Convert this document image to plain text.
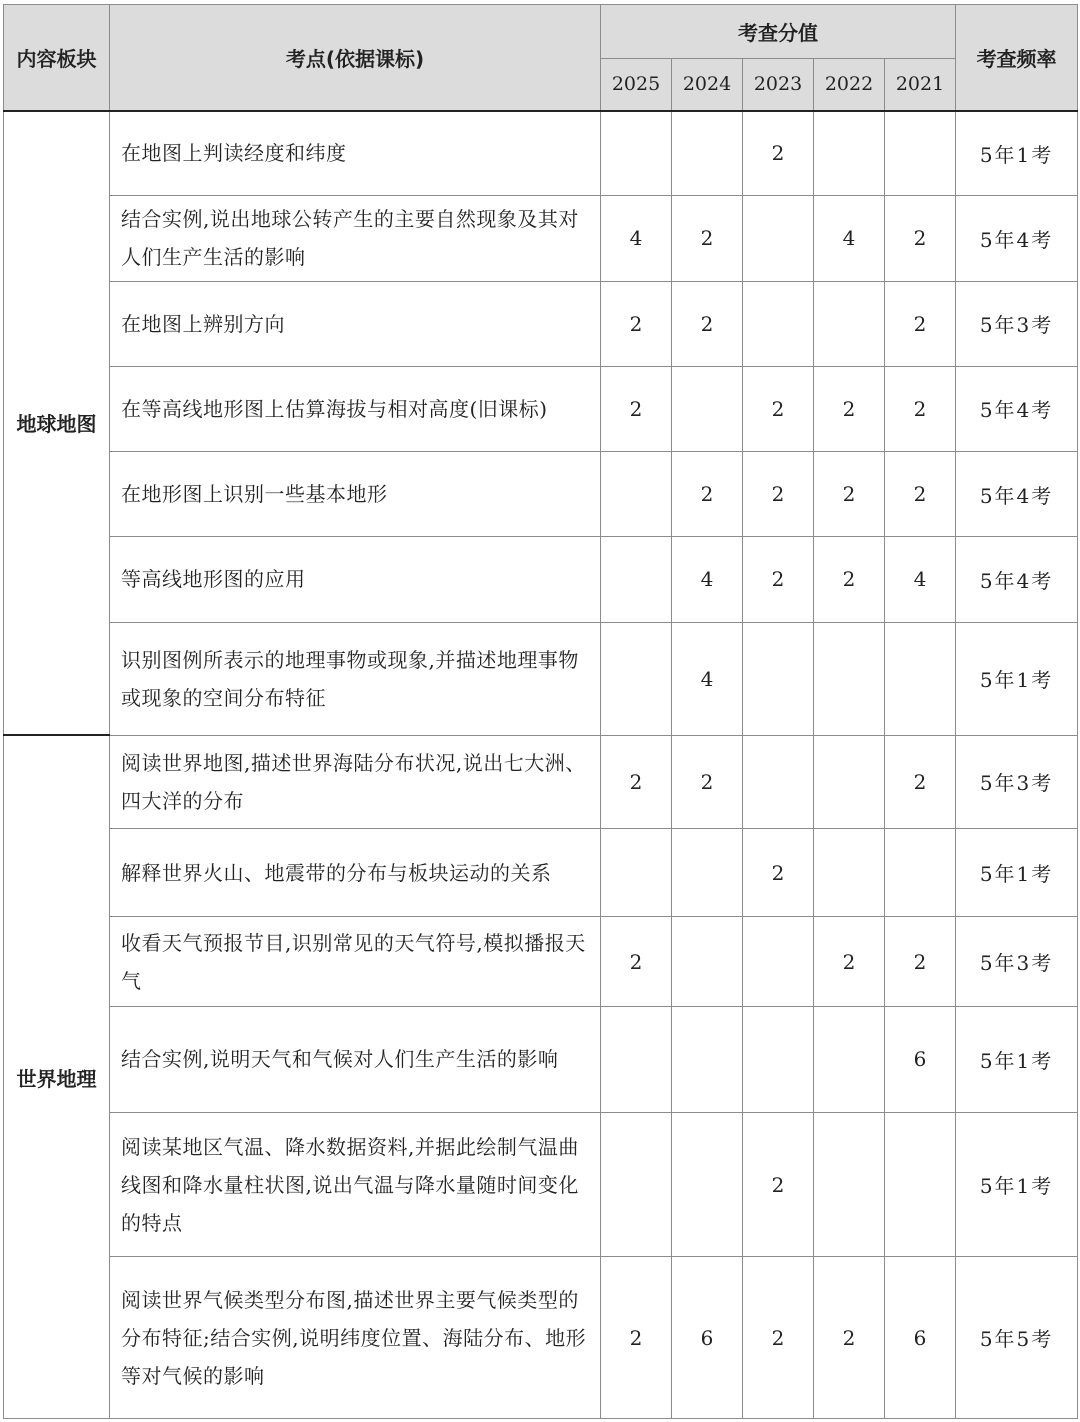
内容板块	考点(依据课标)	考查分值					考查频率
		2025	2024	2023	2022	2021	
地球地图	在地图上判读经度和纬度			2			5年1考
	结合实例,说出地球公转产生的主要自然现象及其对人们生产生活的影响	4	2		4	2	5年4考
	在地图上辨别方向	2	2			2	5年3考
	在等高线地形图上估算海拔与相对高度(旧课标)	2		2	2	2	5年4考
	在地形图上识别一些基本地形		2	2	2	2	5年4考
	等高线地形图的应用		4	2	2	4	5年4考
	识别图例所表示的地理事物或现象,并描述地理事物或现象的空间分布特征		4				5年1考
世界地理	阅读世界地图,描述世界海陆分布状况,说出七大洲、四大洋的分布	2	2			2	5年3考
	解释世界火山、地震带的分布与板块运动的关系			2			5年1考
	收看天气预报节目,识别常见的天气符号,模拟播报天气	2			2	2	5年3考
	结合实例,说明天气和气候对人们生产生活的影响					6	5年1考
	阅读某地区气温、降水数据资料,并据此绘制气温曲线图和降水量柱状图,说出气温与降水量随时间变化的特点			2			5年1考
	阅读世界气候类型分布图,描述世界主要气候类型的分布特征;结合实例,说明纬度位置、海陆分布、地形等对气候的影响	2	6	2	2	6	5年5考
